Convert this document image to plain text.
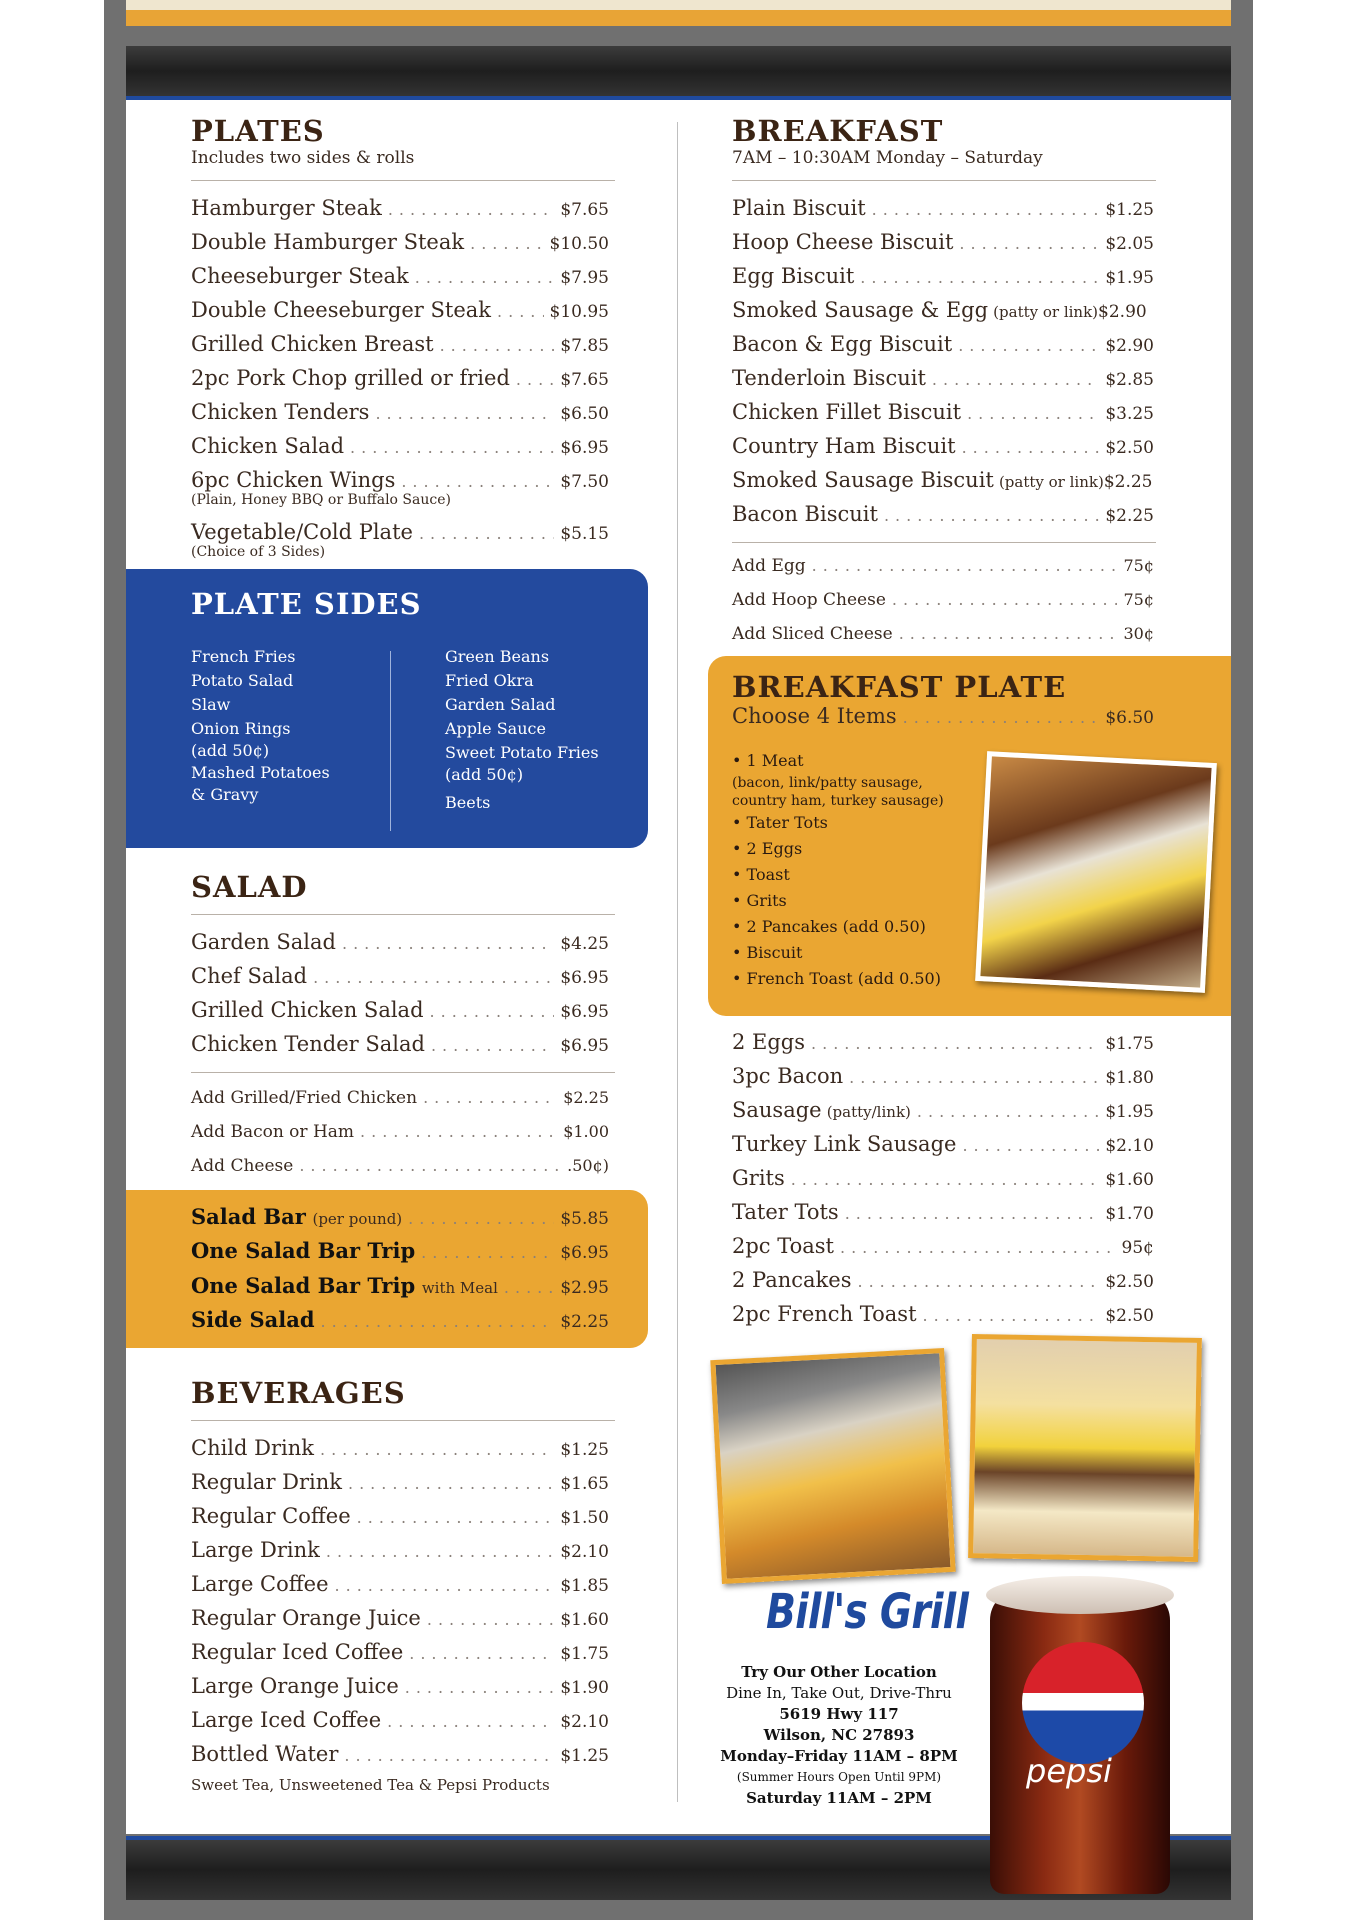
PLATES
Includes two sides & rolls
Hamburger Steak .....	$7.65
Double Hamburger Steak .....	$10.50
Cheeseburger Steak .....	$7.95
Double Cheeseburger Steak .....	$10.95
Grilled Chicken Breast .....	$7.85
2pc Pork Chop grilled or fried .....	$7.65
Chicken Tenders .....	$6.50
Chicken Salad .....	$6.95
6pc Chicken Wings .....	$7.50
(Plain, Honey BBQ or Buffalo Sauce)
Vegetable/Cold Plate .....	$5.15
(Choice of 3 Sides)
PLATE SIDES
French Fries
Potato Salad
Slaw
Onion Rings
(add 50¢)
Mashed Potatoes
& Gravy
Green Beans
Fried Okra
Garden Salad
Apple Sauce
Sweet Potato Fries
(add 50¢)
Beets
SALAD
Garden Salad .....	$4.25
Chef Salad .....	$6.95
Grilled Chicken Salad .....	$6.95
Chicken Tender Salad .....	$6.95
Add Grilled/Fried Chicken .....	$2.25
Add Bacon or Ham .....	$1.00
Add Cheese .....	.50¢)
Salad Bar (per pound) .....	$5.85
One Salad Bar Trip .....	$6.95
One Salad Bar Trip with Meal .....	$2.95
Side Salad .....	$2.25
BEVERAGES
Child Drink .....	$1.25
Regular Drink .....	$1.65
Regular Coffee .....	$1.50
Large Drink .....	$2.10
Large Coffee .....	$1.85
Regular Orange Juice .....	$1.60
Regular Iced Coffee .....	$1.75
Large Orange Juice .....	$1.90
Large Iced Coffee .....	$2.10
Bottled Water .....	$1.25
Sweet Tea, Unsweetened Tea & Pepsi Products
BREAKFAST
7AM – 10:30AM Monday – Saturday
Plain Biscuit .....	$1.25
Hoop Cheese Biscuit .....	$2.05
Egg Biscuit .....	$1.95
Smoked Sausage & Egg
(patty or link) $2.90
Bacon & Egg Biscuit .....	$2.90
Tenderloin Biscuit .....	$2.85
Chicken Fillet Biscuit .....	$3.25
Country Ham Biscuit .....	$2.50
Smoked Sausage Biscuit
(patty or link) $2.25
Bacon Biscuit .....	$2.25
Add Egg .....	75¢
Add Hoop Cheese .....	75¢
Add Sliced Cheese .....	30¢
BREAKFAST PLATE
Choose 4 Items .....	$6.50
• 1 Meat
(bacon, link/patty sausage,
country ham, turkey sausage)
• Tater Tots
• 2 Eggs
• Toast
• Grits
• 2 Pancakes (add 0.50)
• Biscuit
• French Toast (add 0.50)
2 Eggs .....	$1.75
3pc Bacon .....	$1.80
Sausage
(patty/link) .....	$1.95
Turkey Link Sausage .....	$2.10
Grits .....	$1.60
Tater Tots .....	$1.70
2pc Toast .....	95¢
2 Pancakes .....	$2.50
2pc French Toast .....	$2.50
Bill's Grill
Try Our Other Location
Dine In, Take Out, Drive-Thru
5619 Hwy 117
Wilson, NC 27893
Monday–Friday 11AM – 8PM
(Summer Hours Open Until 9PM)
Saturday 11AM – 2PM
pepsi
